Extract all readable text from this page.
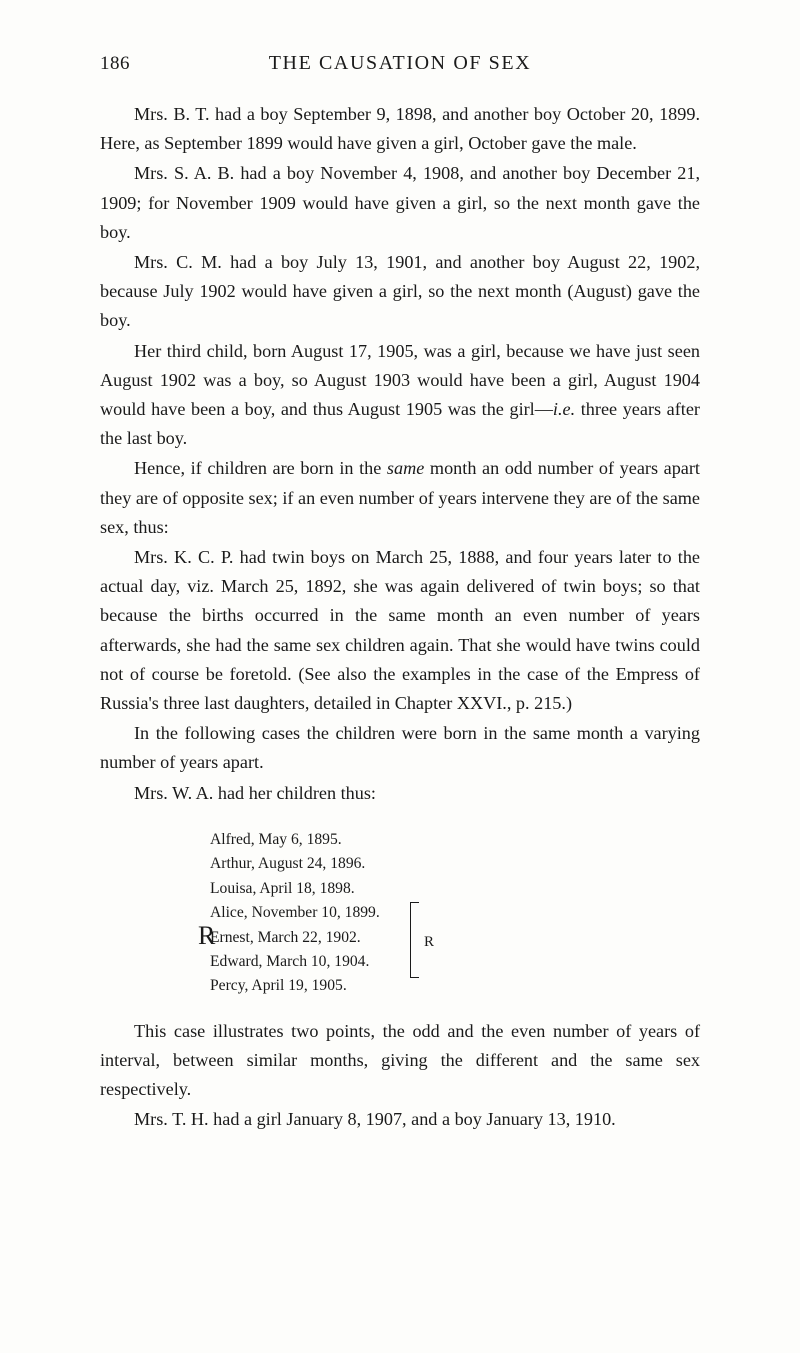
186	THE CAUSATION OF SEX

Mrs. B. T. had a boy September 9, 1898, and another boy October 20, 1899. Here, as September 1899 would have given a girl, October gave the male.

Mrs. S. A. B. had a boy November 4, 1908, and another boy December 21, 1909; for November 1909 would have given a girl, so the next month gave the boy.

Mrs. C. M. had a boy July 13, 1901, and another boy August 22, 1902, because July 1902 would have given a girl, so the next month (August) gave the boy.

Her third child, born August 17, 1905, was a girl, because we have just seen August 1902 was a boy, so August 1903 would have been a girl, August 1904 would have been a boy, and thus August 1905 was the girl—i.e. three years after the last boy.

Hence, if children are born in the same month an odd number of years apart they are of opposite sex; if an even number of years intervene they are of the same sex, thus:

Mrs. K. C. P. had twin boys on March 25, 1888, and four years later to the actual day, viz. March 25, 1892, she was again delivered of twin boys; so that because the births occurred in the same month an even number of years afterwards, she had the same sex children again. That she would have twins could not of course be foretold. (See also the examples in the case of the Empress of Russia's three last daughters, detailed in Chapter XXVI., p. 215.)

In the following cases the children were born in the same month a varying number of years apart.

Mrs. W. A. had her children thus:

Alfred, May 6, 1895.
Arthur, August 24, 1896.
Louisa, April 18, 1898.
Alice, November 10, 1899.
R
Ernest, March 22, 1902.
Edward, March 10, 1904.
Percy, April 19, 1905.
R

This case illustrates two points, the odd and the even number of years of interval, between similar months, giving the different and the same sex respectively.

Mrs. T. H. had a girl January 8, 1907, and a boy January 13, 1910.
